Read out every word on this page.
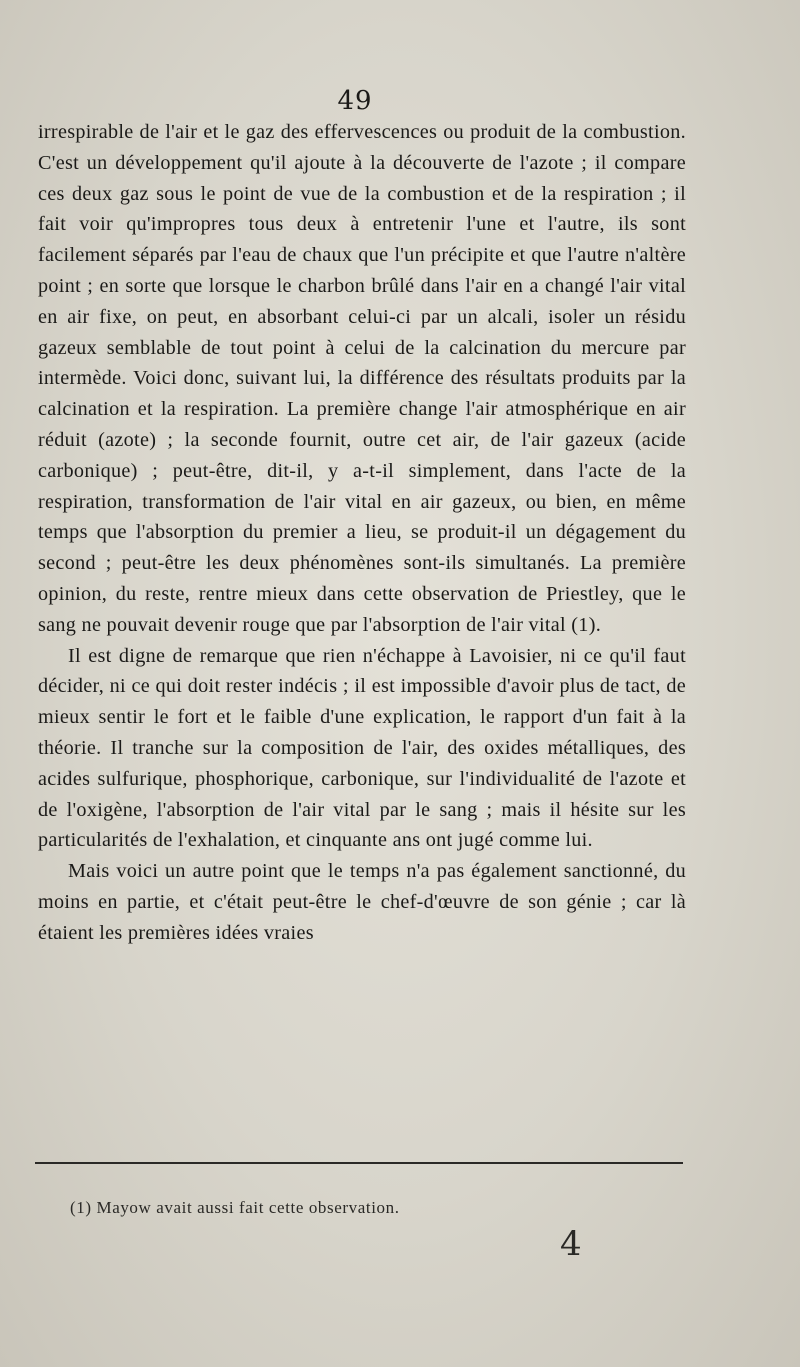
49

irrespirable de l'air et le gaz des effervescences ou produit de la combustion. C'est un développement qu'il ajoute à la découverte de l'azote ; il compare ces deux gaz sous le point de vue de la combustion et de la respiration ; il fait voir qu'impropres tous deux à entretenir l'une et l'autre, ils sont facilement séparés par l'eau de chaux que l'un précipite et que l'autre n'altère point ; en sorte que lorsque le charbon brûlé dans l'air en a changé l'air vital en air fixe, on peut, en absorbant celui-ci par un alcali, isoler un résidu gazeux semblable de tout point à celui de la calcination du mercure par intermède. Voici donc, suivant lui, la différence des résultats produits par la calcination et la respiration. La première change l'air atmosphérique en air réduit (azote) ; la seconde fournit, outre cet air, de l'air gazeux (acide carbonique) ; peut-être, dit-il, y a-t-il simplement, dans l'acte de la respiration, transformation de l'air vital en air gazeux, ou bien, en même temps que l'absorption du premier a lieu, se produit-il un dégagement du second ; peut-être les deux phénomènes sont-ils simultanés. La première opinion, du reste, rentre mieux dans cette observation de Priestley, que le sang ne pouvait devenir rouge que par l'absorption de l'air vital (1).

Il est digne de remarque que rien n'échappe à Lavoisier, ni ce qu'il faut décider, ni ce qui doit rester indécis ; il est impossible d'avoir plus de tact, de mieux sentir le fort et le faible d'une explication, le rapport d'un fait à la théorie. Il tranche sur la composition de l'air, des oxides métalliques, des acides sulfurique, phosphorique, carbonique, sur l'individualité de l'azote et de l'oxigène, l'absorption de l'air vital par le sang ; mais il hésite sur les particularités de l'exhalation, et cinquante ans ont jugé comme lui.

Mais voici un autre point que le temps n'a pas également sanctionné, du moins en partie, et c'était peut-être le chef-d'œuvre de son génie ; car là étaient les premières idées vraies

(1) Mayow avait aussi fait cette observation.
4
